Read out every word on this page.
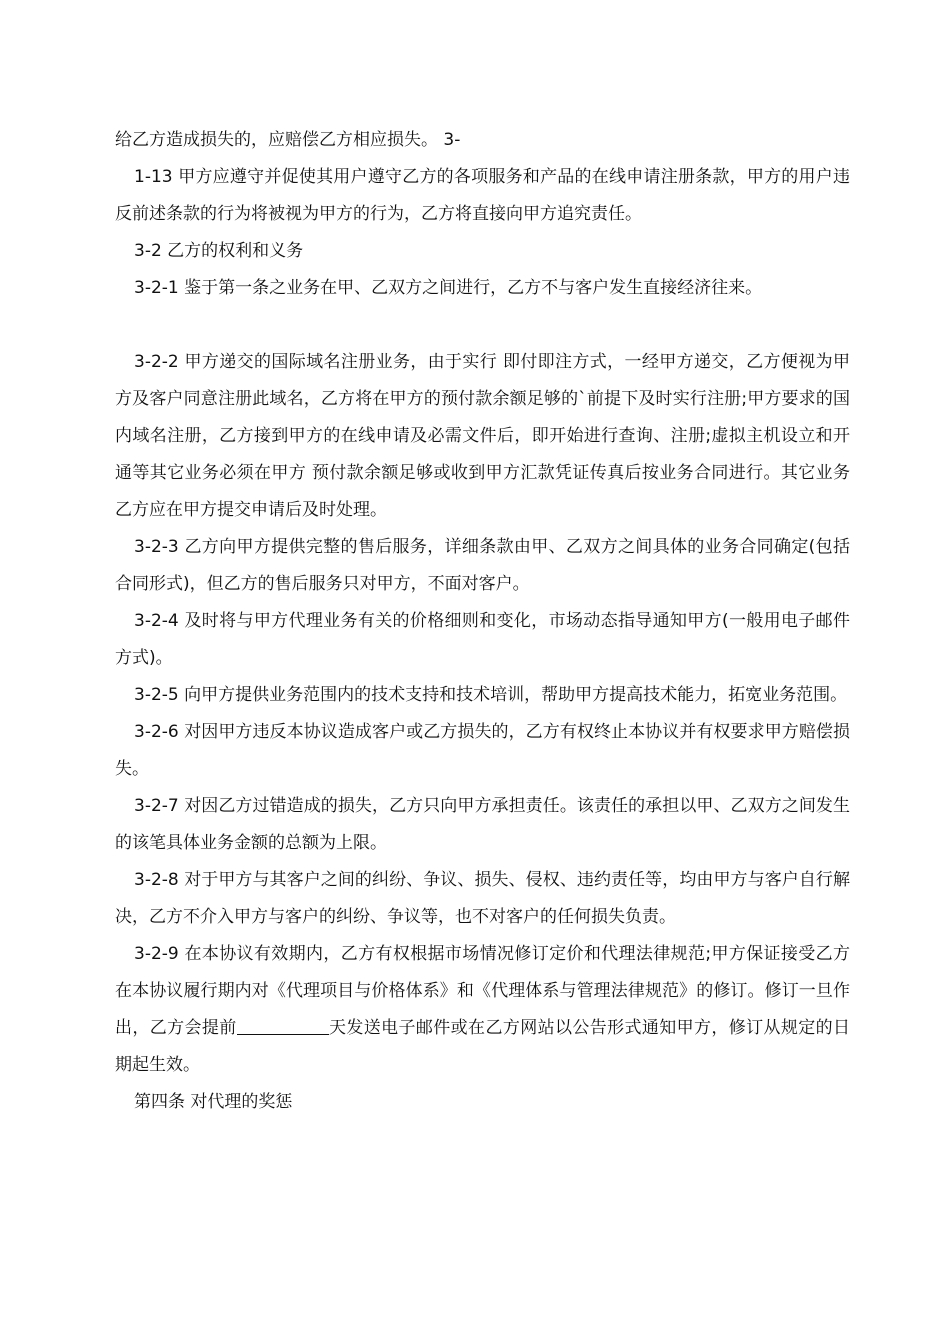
给乙方造成损失的，应赔偿乙方相应损失。 3-

1-13 甲方应遵守并促使其用户遵守乙方的各项服务和产品的在线申请注册条款，甲方的用户违反前述条款的行为将被视为甲方的行为，乙方将直接向甲方追究责任。

3-2 乙方的权利和义务

3-2-1 鉴于第一条之业务在甲、乙双方之间进行，乙方不与客户发生直接经济往来。

3-2-2 甲方递交的国际域名注册业务，由于实行 即付即注方式，一经甲方递交，乙方便视为甲方及客户同意注册此域名，乙方将在甲方的预付款余额足够的`前提下及时实行注册;甲方要求的国内域名注册，乙方接到甲方的在线申请及必需文件后，即开始进行查询、注册;虚拟主机设立和开通等其它业务必须在甲方 预付款余额足够或收到甲方汇款凭证传真后按业务合同进行。其它业务乙方应在甲方提交申请后及时处理。

3-2-3 乙方向甲方提供完整的售后服务，详细条款由甲、乙双方之间具体的业务合同确定(包括合同形式)，但乙方的售后服务只对甲方，不面对客户。

3-2-4 及时将与甲方代理业务有关的价格细则和变化，市场动态指导通知甲方(一般用电子邮件方式)。

3-2-5 向甲方提供业务范围内的技术支持和技术培训，帮助甲方提高技术能力，拓宽业务范围。

3-2-6 对因甲方违反本协议造成客户或乙方损失的，乙方有权终止本协议并有权要求甲方赔偿损失。

3-2-7 对因乙方过错造成的损失，乙方只向甲方承担责任。该责任的承担以甲、乙双方之间发生的该笔具体业务金额的总额为上限。

3-2-8 对于甲方与其客户之间的纠纷、争议、损失、侵权、违约责任等，均由甲方与客户自行解决，乙方不介入甲方与客户的纠纷、争议等，也不对客户的任何损失负责。

3-2-9 在本协议有效期内，乙方有权根据市场情况修订定价和代理法律规范;甲方保证接受乙方在本协议履行期内对《代理项目与价格体系》和《代理体系与管理法律规范》的修订。修订一旦作出，乙方会提前	天发送电子邮件或在乙方网站以公告形式通知甲方，修订从规定的日期起生效。

第四条 对代理的奖惩
